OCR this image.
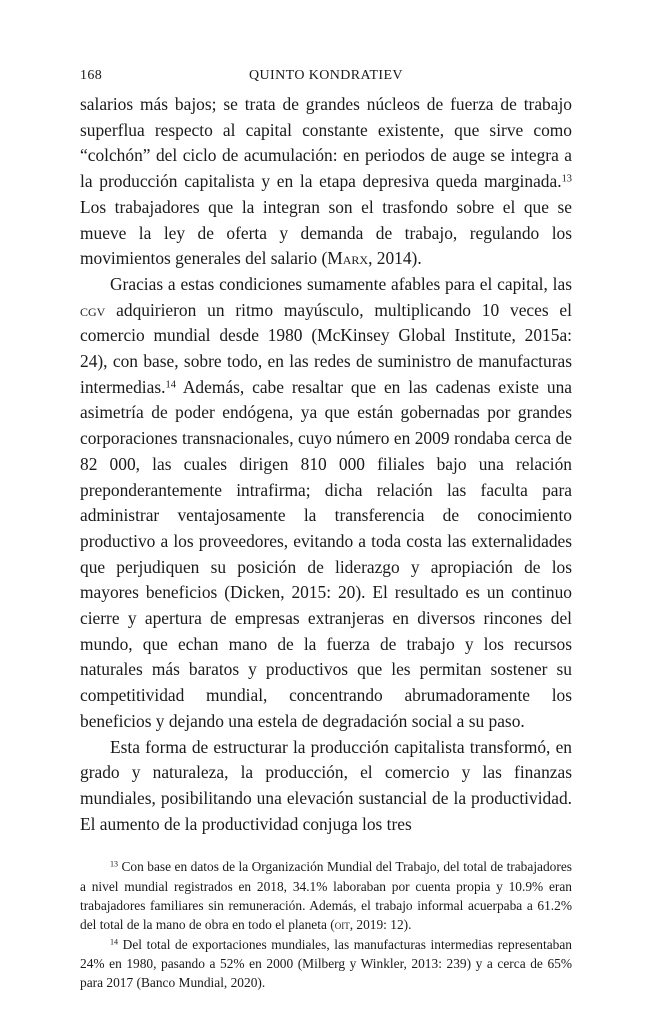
168	QUINTO KONDRATIEV

salarios más bajos; se trata de grandes núcleos de fuerza de trabajo superflua respecto al capital constante existente, que sirve como “colchón” del ciclo de acumulación: en periodos de auge se integra a la producción capitalista y en la etapa depresiva queda marginada.$^{13}$ Los trabajadores que la integran son el trasfondo sobre el que se mueve la ley de oferta y demanda de trabajo, regulando los movimientos generales del salario (Marx, 2014).

Gracias a estas condiciones sumamente afables para el capital, las cgv adquirieron un ritmo mayúsculo, multiplicando 10 veces el comercio mundial desde 1980 (McKinsey Global Institute, 2015a: 24), con base, sobre todo, en las redes de suministro de manufacturas intermedias.$^{14}$ Además, cabe resaltar que en las cadenas existe una asimetría de poder endógena, ya que están gobernadas por grandes corporaciones transnacionales, cuyo número en 2009 rondaba cerca de 82 000, las cuales dirigen 810 000 filiales bajo una relación preponderantemente intrafirma; dicha relación las faculta para administrar ventajosamente la transferencia de conocimiento productivo a los proveedores, evitando a toda costa las externalidades que perjudiquen su posición de liderazgo y apropiación de los mayores beneficios (Dicken, 2015: 20). El resultado es un continuo cierre y apertura de empresas extranjeras en diversos rincones del mundo, que echan mano de la fuerza de trabajo y los recursos naturales más baratos y productivos que les permitan sostener su competitividad mundial, concentrando abrumadoramente los beneficios y dejando una estela de degradación social a su paso.

Esta forma de estructurar la producción capitalista transformó, en grado y naturaleza, la producción, el comercio y las finanzas mundiales, posibilitando una elevación sustancial de la productividad. El aumento de la productividad conjuga los tres

$^{13}$ Con base en datos de la Organización Mundial del Trabajo, del total de trabajadores a nivel mundial registrados en 2018, 34.1% laboraban por cuenta propia y 10.9% eran trabajadores familiares sin remuneración. Además, el trabajo informal acuerpaba a 61.2% del total de la mano de obra en todo el planeta (oit, 2019: 12).

$^{14}$ Del total de exportaciones mundiales, las manufacturas intermedias representaban 24% en 1980, pasando a 52% en 2000 (Milberg y Winkler, 2013: 239) y a cerca de 65% para 2017 (Banco Mundial, 2020).
